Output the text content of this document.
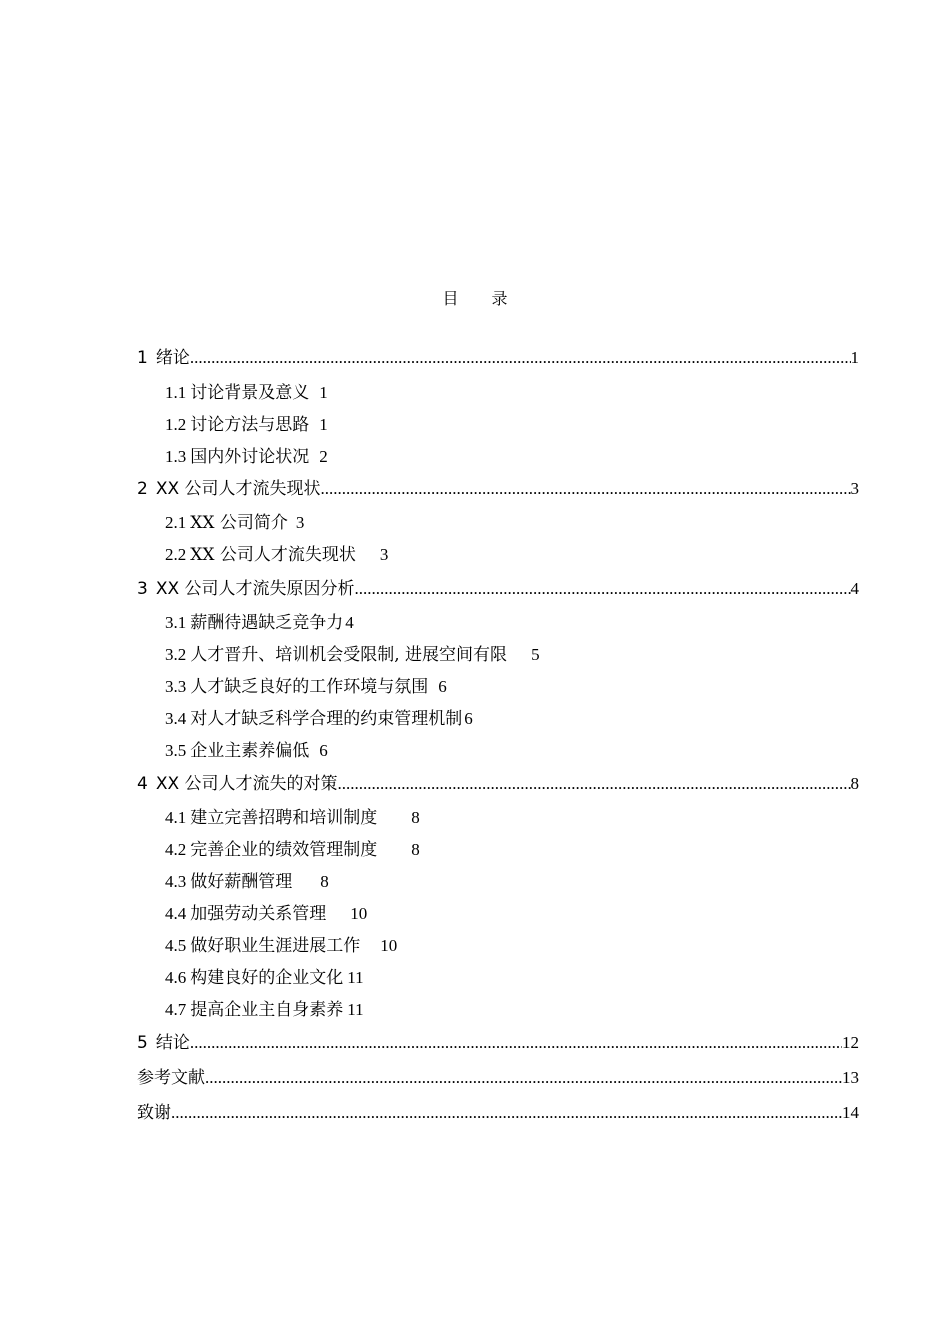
目 录
1 绪论 .....	1
1.1 讨论背景及意义 1
1.2 讨论方法与思路 1
1.3 国内外讨论状况 2
2 XX 公司人才流失现状 .....	3
2.1 XX 公司简介 3
2.2 XX 公司人才流失现状 3
3 XX 公司人才流失原因分析 .....	4
3.1 薪酬待遇缺乏竞争力 4
3.2 人才晋升、培训机会受限制, 进展空间有限 5
3.3 人才缺乏良好的工作环境与氛围 6
3.4 对人才缺乏科学合理的约束管理机制 6
3.5 企业主素养偏低 6
4 XX 公司人才流失的对策 .....	8
4.1 建立完善招聘和培训制度 8
4.2 完善企业的绩效管理制度 8
4.3 做好薪酬管理 8
4.4 加强劳动关系管理 10
4.5 做好职业生涯进展工作 10
4.6 构建良好的企业文化 11
4.7 提高企业主自身素养 11
5 结论 .....	12
参考文献 .....	13
致谢 .....	14
